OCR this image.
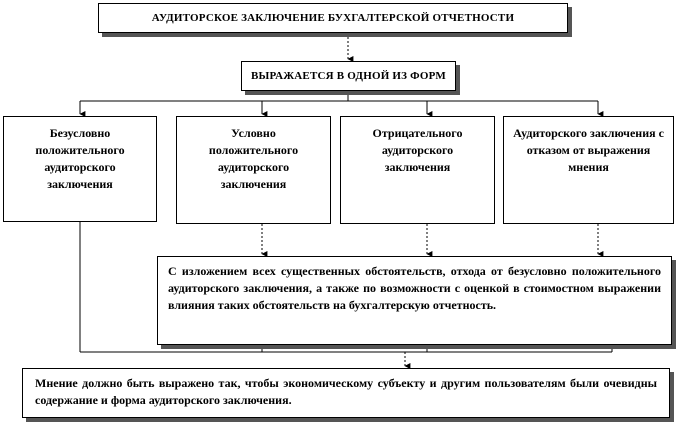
АУДИТОРСКОЕ ЗАКЛЮЧЕНИЕ БУХГАЛТЕРСКОЙ ОТЧЕТНОСТИ
ВЫРАЖАЕТСЯ В ОДНОЙ ИЗ ФОРМ
Безусловно положительного аудиторского заключения
Условно положительного аудиторского заключения
Отрицательного аудиторского заключения
Аудиторского заключения с отказом от выражения мнения
С изложением всех существенных обстоятельств, отхода от безусловно положительного аудиторского заключения, а также по возможности с оценкой в стоимостном выражении влияния таких обстоятельств на бухгалтерскую отчетность.
Мнение должно быть выражено так, чтобы экономическому субъекту и другим пользователям были очевидны содержание и форма аудиторского заключения.
